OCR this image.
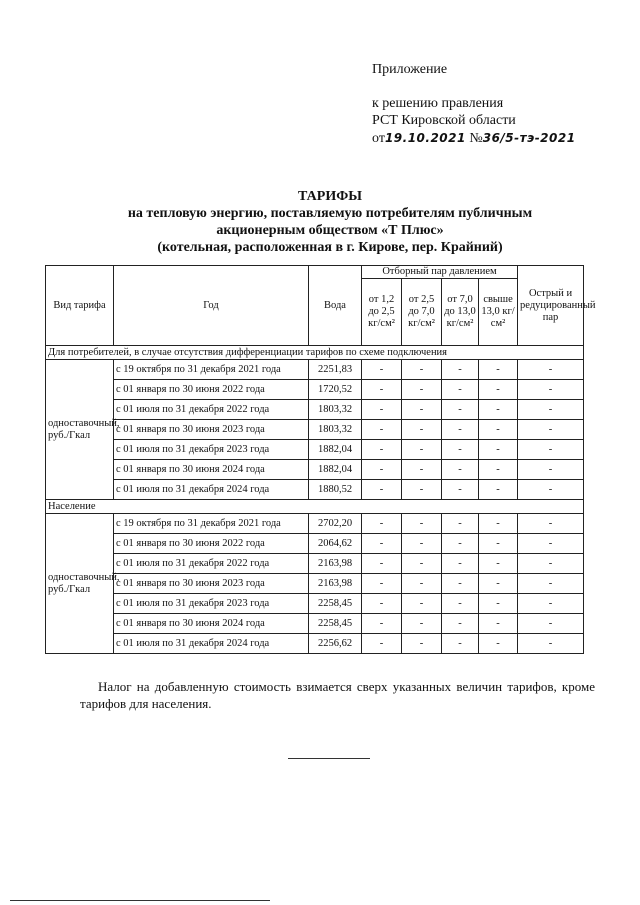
Приложение
к решению правления
РСТ Кировской области
от19.10.2021 №36/5-тэ-2021
ТАРИФЫ
на тепловую энергию, поставляемую потребителям публичным
акционерным обществом «Т Плюс»
(котельная, расположенная в г. Кирове, пер. Крайний)
Вид тарифа	Год	Вода	Отборный пар давлением				Острый и редуцированный пар
			от 1,2 до 2,5 кг/см²	от 2,5 до 7,0 кг/см²	от 7,0 до 13,0 кг/см²	свыше 13,0 кг/см²	
Для потребителей, в случае отсутствия дифференциации тарифов по схеме подключения							
одноставочный, руб./Гкал	с 19 октября по 31 декабря 2021 года	2251,83	-	-	-	-	-
	с 01 января по 30 июня 2022 года	1720,52	-	-	-	-	-
	с 01 июля по 31 декабря 2022 года	1803,32	-	-	-	-	-
	с 01 января по 30 июня 2023 года	1803,32	-	-	-	-	-
	с 01 июля по 31 декабря 2023 года	1882,04	-	-	-	-	-
	с 01 января по 30 июня 2024 года	1882,04	-	-	-	-	-
	с 01 июля по 31 декабря 2024 года	1880,52	-	-	-	-	-
Население							
одноставочный, руб./Гкал	с 19 октября по 31 декабря 2021 года	2702,20	-	-	-	-	-
	с 01 января по 30 июня 2022 года	2064,62	-	-	-	-	-
	с 01 июля по 31 декабря 2022 года	2163,98	-	-	-	-	-
	с 01 января по 30 июня 2023 года	2163,98	-	-	-	-	-
	с 01 июля по 31 декабря 2023 года	2258,45	-	-	-	-	-
	с 01 января по 30 июня 2024 года	2258,45	-	-	-	-	-
	с 01 июля по 31 декабря 2024 года	2256,62	-	-	-	-	-
Налог на добавленную стоимость взимается сверх указанных величин тарифов, кроме тарифов для населения.
